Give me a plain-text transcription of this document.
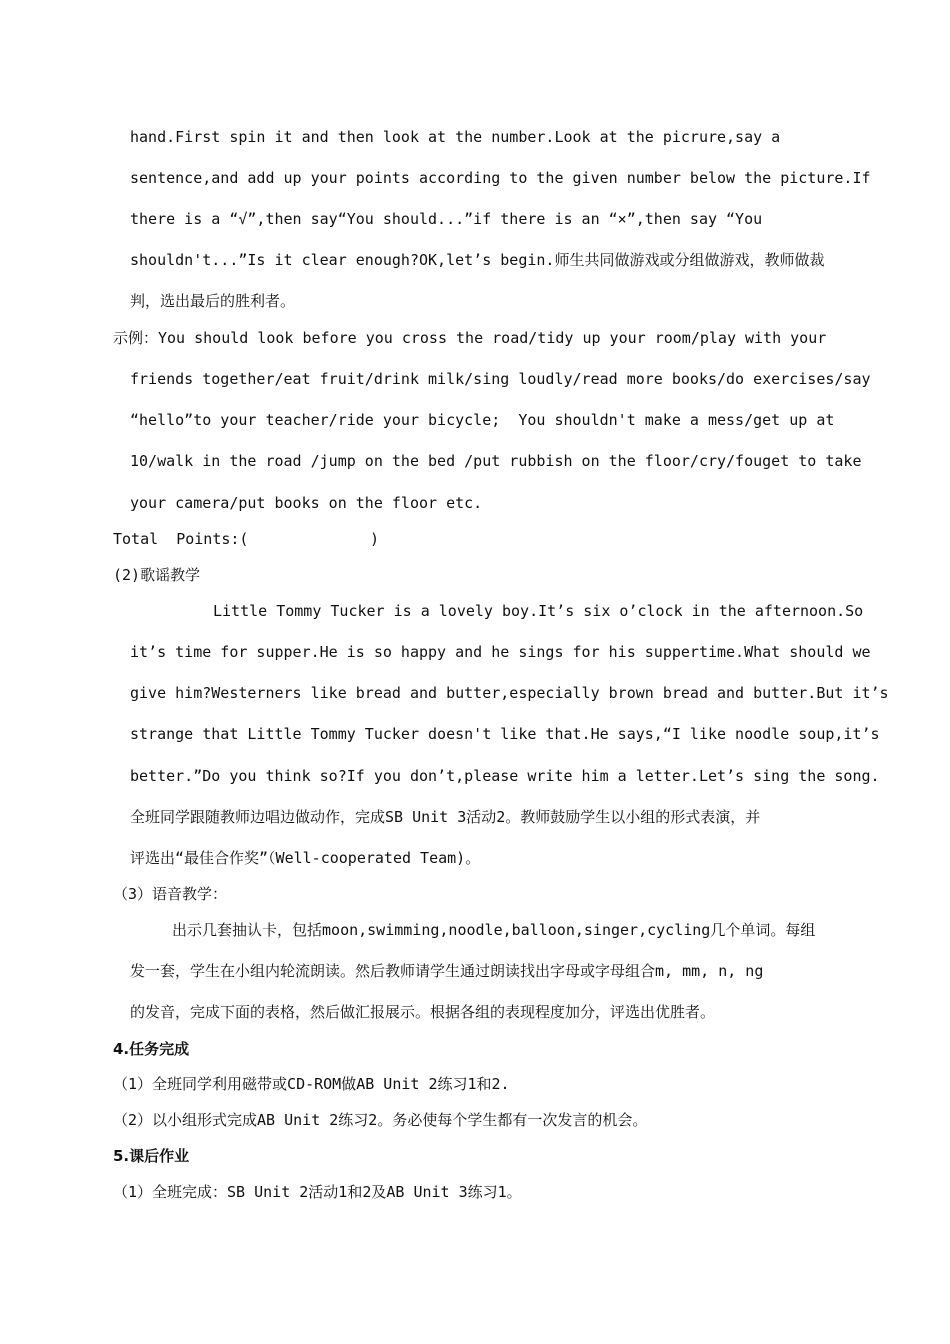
hand.First spin it and then look at the number.Look at the picrure,say a
sentence,and add up your points according to the given number below the picture.If
there is a “√”,then say“You should...”if there is an “×”,then say “You
shouldn't...”Is it clear enough?OK,let’s begin.师生共同做游戏或分组做游戏，教师做裁
判，选出最后的胜利者。
示例：You should look before you cross the road/tidy up your room/play with your
friends together/eat fruit/drink milk/sing loudly/read more books/do exercises/say
“hello”to your teacher/ride your bicycle;  You shouldn't make a mess/get up at
10/walk in the road /jump on the bed /put rubbish on the floor/cry/fouget to take
your camera/put books on the floor etc.
Total  Points:(	)
(2)歌谣教学
Little Tommy Tucker is a lovely boy.It’s six o’clock in the afternoon.So
it’s time for supper.He is so happy and he sings for his suppertime.What should we
give him?Westerners like bread and butter,especially brown bread and butter.But it’s
strange that Little Tommy Tucker doesn't like that.He says,“I like noodle soup,it’s
better.”Do you think so?If you don’t,please write him a letter.Let’s sing the song.
全班同学跟随教师边唱边做动作，完成SB Unit 3活动2。教师鼓励学生以小组的形式表演，并
评选出“最佳合作奖”（Well-cooperated Team)。
（3）语音教学：
出示几套抽认卡，包括moon,swimming,noodle,balloon,singer,cycling几个单词。每组
发一套，学生在小组内轮流朗读。然后教师请学生通过朗读找出字母或字母组合m, mm, n, ng
的发音，完成下面的表格，然后做汇报展示。根据各组的表现程度加分，评选出优胜者。
4.任务完成
（1）全班同学利用磁带或CD-ROM做AB Unit 2练习1和2.
（2）以小组形式完成AB Unit 2练习2。务必使每个学生都有一次发言的机会。
5.课后作业
（1）全班完成：SB Unit 2活动1和2及AB Unit 3练习1。
